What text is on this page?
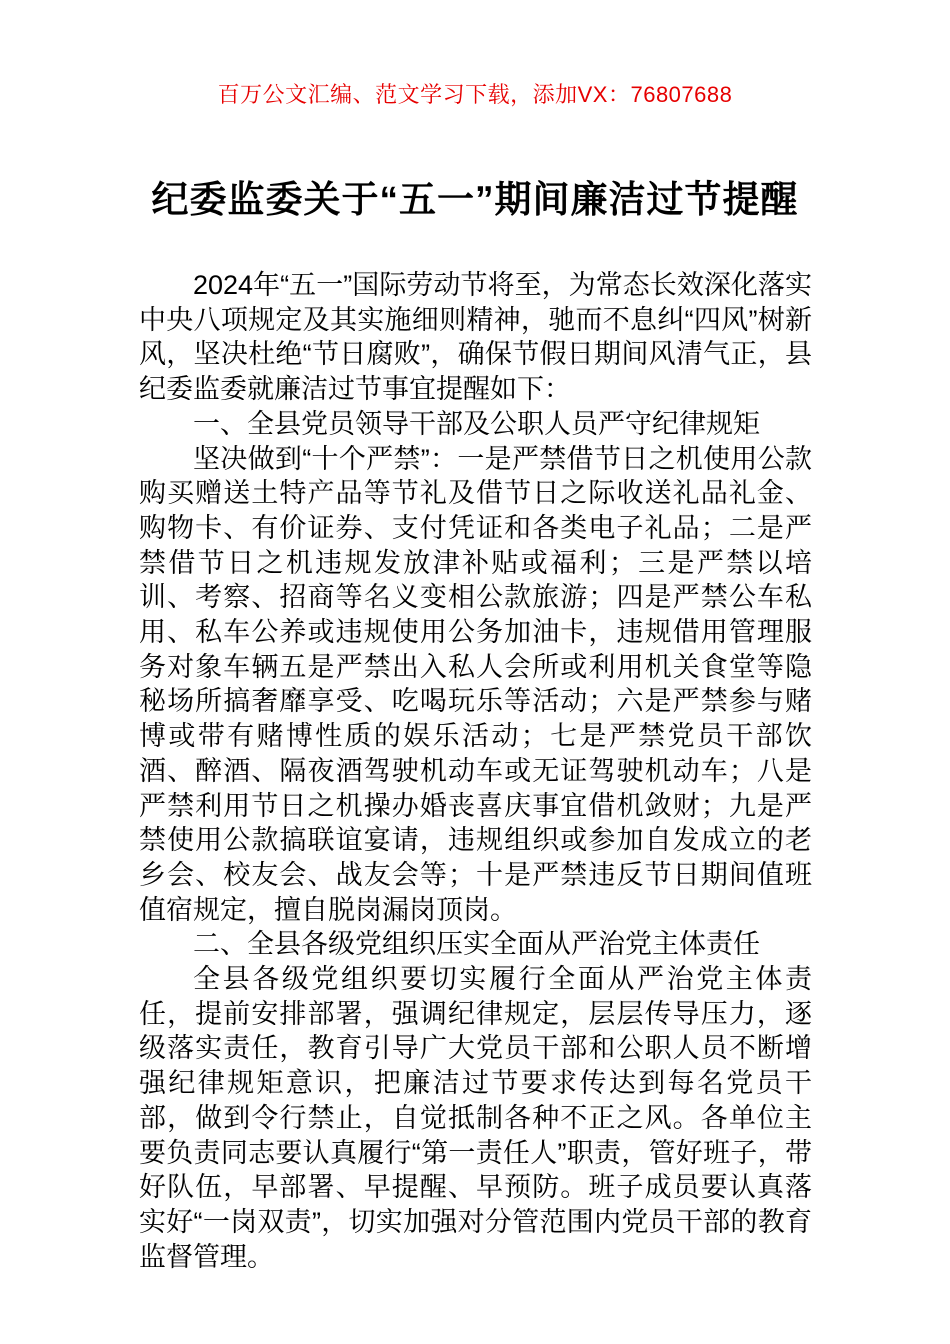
百万公文汇编、范文学习下载，添加VX：76807688
纪委监委关于“五一”期间廉洁过节提醒

2024年“五一”国际劳动节将至，为常态长效深化落实中央八项规定及其实施细则精神，驰而不息纠“四风”树新风，坚决杜绝“节日腐败”，确保节假日期间风清气正，县纪委监委就廉洁过节事宜提醒如下：

一、全县党员领导干部及公职人员严守纪律规矩

坚决做到“十个严禁”：一是严禁借节日之机使用公款购买赠送土特产品等节礼及借节日之际收送礼品礼金、购物卡、有价证券、支付凭证和各类电子礼品；二是严禁借节日之机违规发放津补贴或福利；三是严禁以培训、考察、招商等名义变相公款旅游；四是严禁公车私用、私车公养或违规使用公务加油卡，违规借用管理服务对象车辆五是严禁出入私人会所或利用机关食堂等隐秘场所搞奢靡享受、吃喝玩乐等活动；六是严禁参与赌博或带有赌博性质的娱乐活动；七是严禁党员干部饮酒、醉酒、隔夜酒驾驶机动车或无证驾驶机动车；八是严禁利用节日之机操办婚丧喜庆事宜借机敛财；九是严禁使用公款搞联谊宴请，违规组织或参加自发成立的老乡会、校友会、战友会等；十是严禁违反节日期间值班值宿规定，擅自脱岗漏岗顶岗。

二、全县各级党组织压实全面从严治党主体责任

全县各级党组织要切实履行全面从严治党主体责任，提前安排部署，强调纪律规定，层层传导压力，逐级落实责任，教育引导广大党员干部和公职人员不断增强纪律规矩意识，把廉洁过节要求传达到每名党员干部，做到令行禁止，自觉抵制各种不正之风。各单位主要负责同志要认真履行“第一责任人”职责，管好班子，带好队伍，早部署、早提醒、早预防。班子成员要认真落实好“一岗双责”，切实加强对分管范围内党员干部的教育监督管理。
